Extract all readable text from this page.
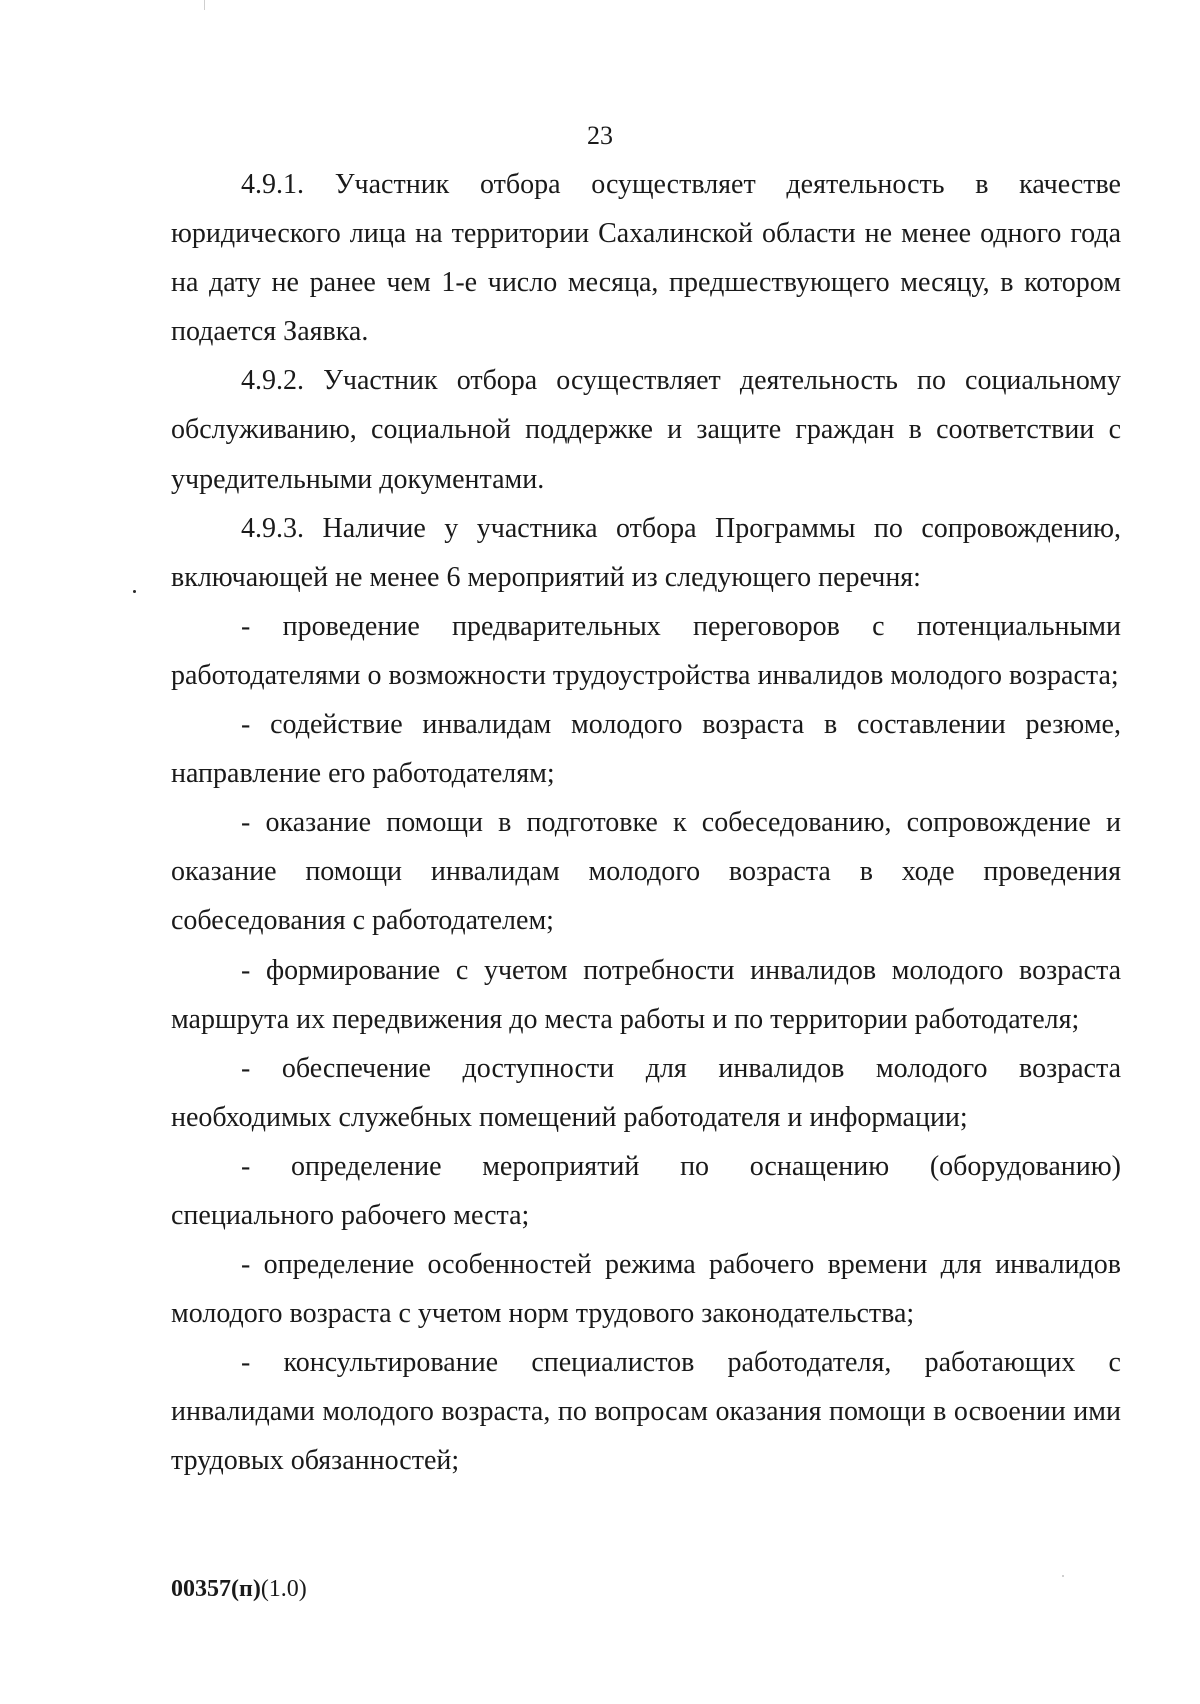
23

4.9.1. Участник отбора осуществляет деятельность в качестве юридического лица на территории Сахалинской области не менее одного года на дату не ранее чем 1-е число месяца, предшествующего месяцу, в котором подается Заявка.

4.9.2. Участник отбора осуществляет деятельность по социальному обслуживанию, социальной поддержке и защите граждан в соответствии с учредительными документами.

4.9.3. Наличие у участника отбора Программы по сопровождению, включающей не менее 6 мероприятий из следующего перечня:

- проведение предварительных переговоров с потенциальными работодателями о возможности трудоустройства инвалидов молодого возраста;

- содействие инвалидам молодого возраста в составлении резюме, направление его работодателям;

- оказание помощи в подготовке к собеседованию, сопровождение и оказание помощи инвалидам молодого возраста в ходе проведения собеседования с работодателем;

- формирование с учетом потребности инвалидов молодого возраста маршрута их передвижения до места работы и по территории работодателя;

- обеспечение доступности для инвалидов молодого возраста необходимых служебных помещений работодателя и информации;

- определение мероприятий по оснащению (оборудованию) специального рабочего места;

- определение особенностей режима рабочего времени для инвалидов молодого возраста с учетом норм трудового законодательства;

- консультирование специалистов работодателя, работающих с инвалидами молодого возраста, по вопросам оказания помощи в освоении ими трудовых обязанностей;

00357(п)(1.0)
